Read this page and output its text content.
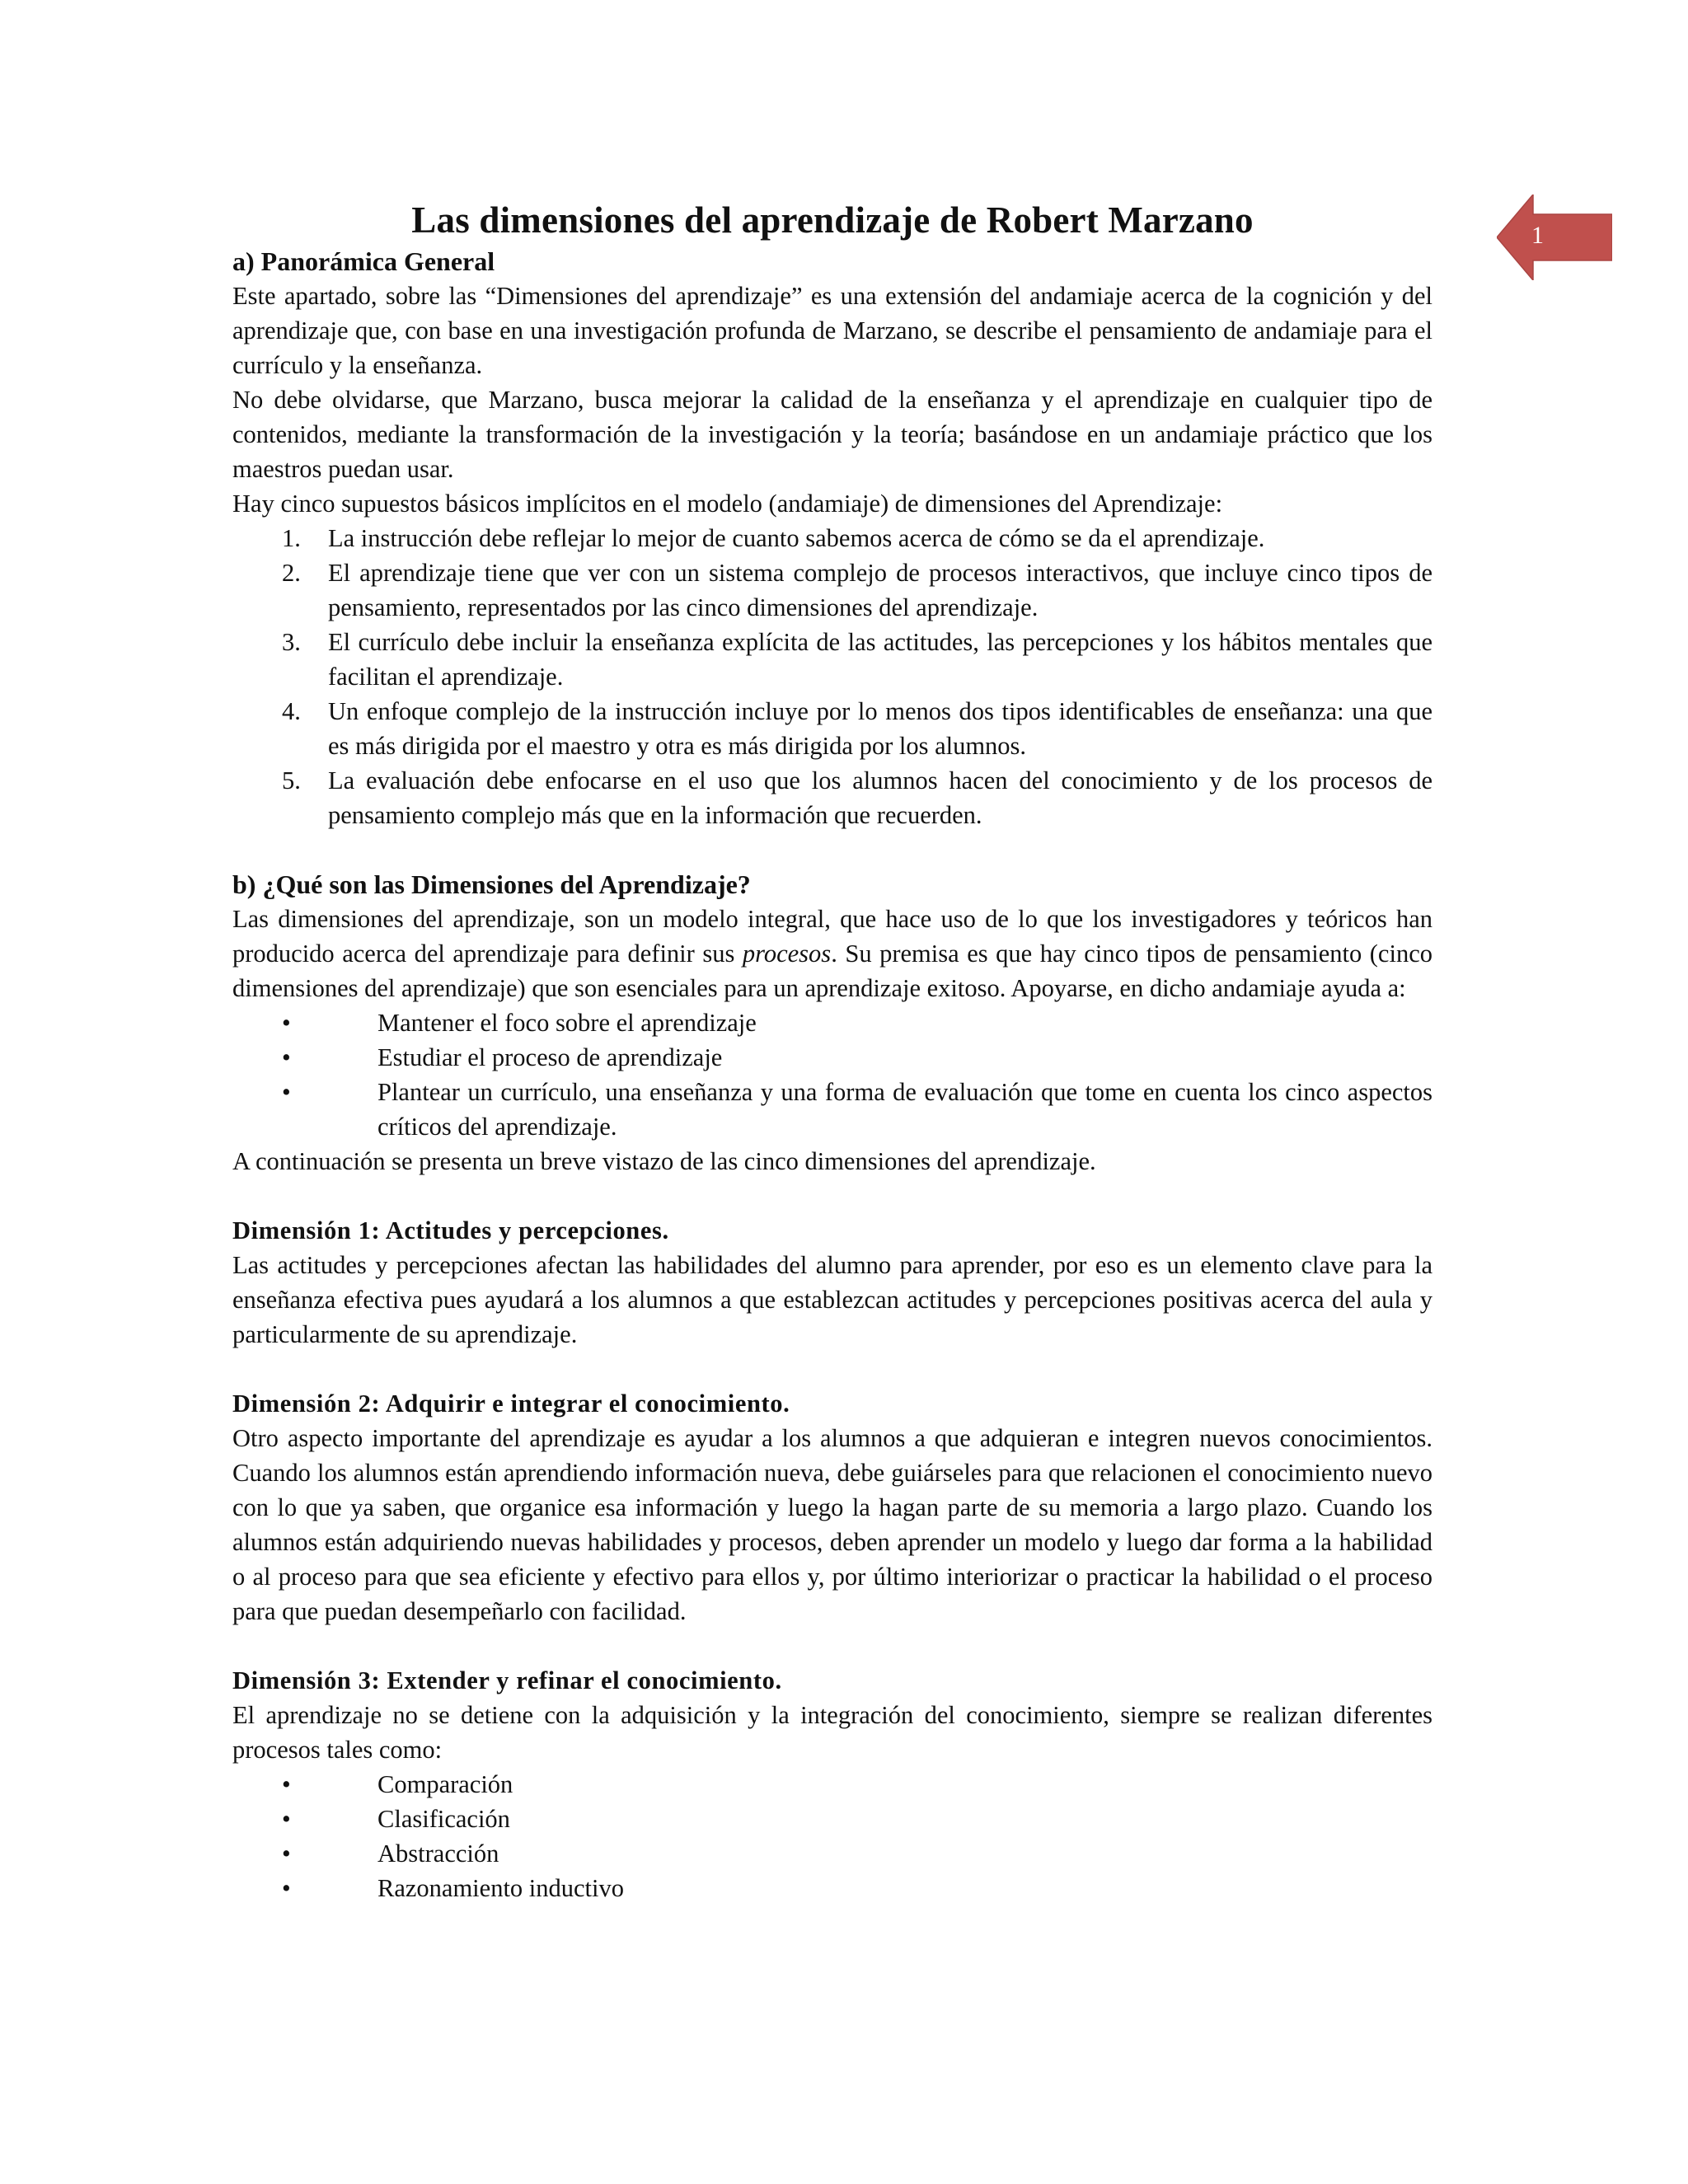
1
Las dimensiones del aprendizaje de Robert Marzano

a) Panorámica General

Este apartado, sobre las “Dimensiones del aprendizaje” es una extensión del andamiaje acerca de la cognición y del aprendizaje que, con base en una investigación profunda de Marzano, se describe el pensamiento de andamiaje para el currículo y la enseñanza.

No debe olvidarse, que Marzano, busca mejorar la calidad de la enseñanza y el aprendizaje en cualquier tipo de contenidos, mediante la transformación de la investigación y la teoría; basándose en un andamiaje práctico que los maestros puedan usar.

Hay cinco supuestos básicos implícitos en el modelo (andamiaje) de dimensiones del Aprendizaje:

1. La instrucción debe reflejar lo mejor de cuanto sabemos acerca de cómo se da el aprendizaje.
2. El aprendizaje tiene que ver con un sistema complejo de procesos interactivos, que incluye cinco tipos de pensamiento, representados por las cinco dimensiones del aprendizaje.
3. El currículo debe incluir la enseñanza explícita de las actitudes, las percepciones y los hábitos mentales que facilitan el aprendizaje.
4. Un enfoque complejo de la instrucción incluye por lo menos dos tipos identificables de enseñanza: una que es más dirigida por el maestro y otra es más dirigida por los alumnos.
5. La evaluación debe enfocarse en el uso que los alumnos hacen del conocimiento y de los procesos de pensamiento complejo más que en la información que recuerden.

b) ¿Qué son las Dimensiones del Aprendizaje?

Las dimensiones del aprendizaje, son un modelo integral, que hace uso de lo que los investigadores y teóricos han producido acerca del aprendizaje para definir sus procesos. Su premisa es que hay cinco tipos de pensamiento (cinco dimensiones del aprendizaje) que son esenciales para un aprendizaje exitoso. Apoyarse, en dicho andamiaje ayuda a:

•	Mantener el foco sobre el aprendizaje
•	Estudiar el proceso de aprendizaje
•	Plantear un currículo, una enseñanza y una forma de evaluación que tome en cuenta los cinco aspectos críticos del aprendizaje.

A continuación se presenta un breve vistazo de las cinco dimensiones del aprendizaje.

Dimensión 1: Actitudes y percepciones.

Las actitudes y percepciones afectan las habilidades del alumno para aprender, por eso es un elemento clave para la enseñanza efectiva pues ayudará a los alumnos a que establezcan actitudes y percepciones positivas acerca del aula y particularmente de su aprendizaje.

Dimensión 2: Adquirir e integrar el conocimiento.

Otro aspecto importante del aprendizaje es ayudar a los alumnos a que adquieran e integren nuevos conocimientos. Cuando los alumnos están aprendiendo información nueva, debe guiárseles para que relacionen el conocimiento nuevo con lo que ya saben, que organice esa información y luego la hagan parte de su memoria a largo plazo. Cuando los alumnos están adquiriendo nuevas habilidades y procesos, deben aprender un modelo y luego dar forma a la habilidad o al proceso para que sea eficiente y efectivo para ellos y, por último interiorizar o practicar la habilidad o el proceso para que puedan desempeñarlo con facilidad.

Dimensión 3: Extender y refinar el conocimiento.

El aprendizaje no se detiene con la adquisición y la integración del conocimiento, siempre se realizan diferentes procesos tales como:

•	Comparación
•	Clasificación
•	Abstracción
•	Razonamiento inductivo
